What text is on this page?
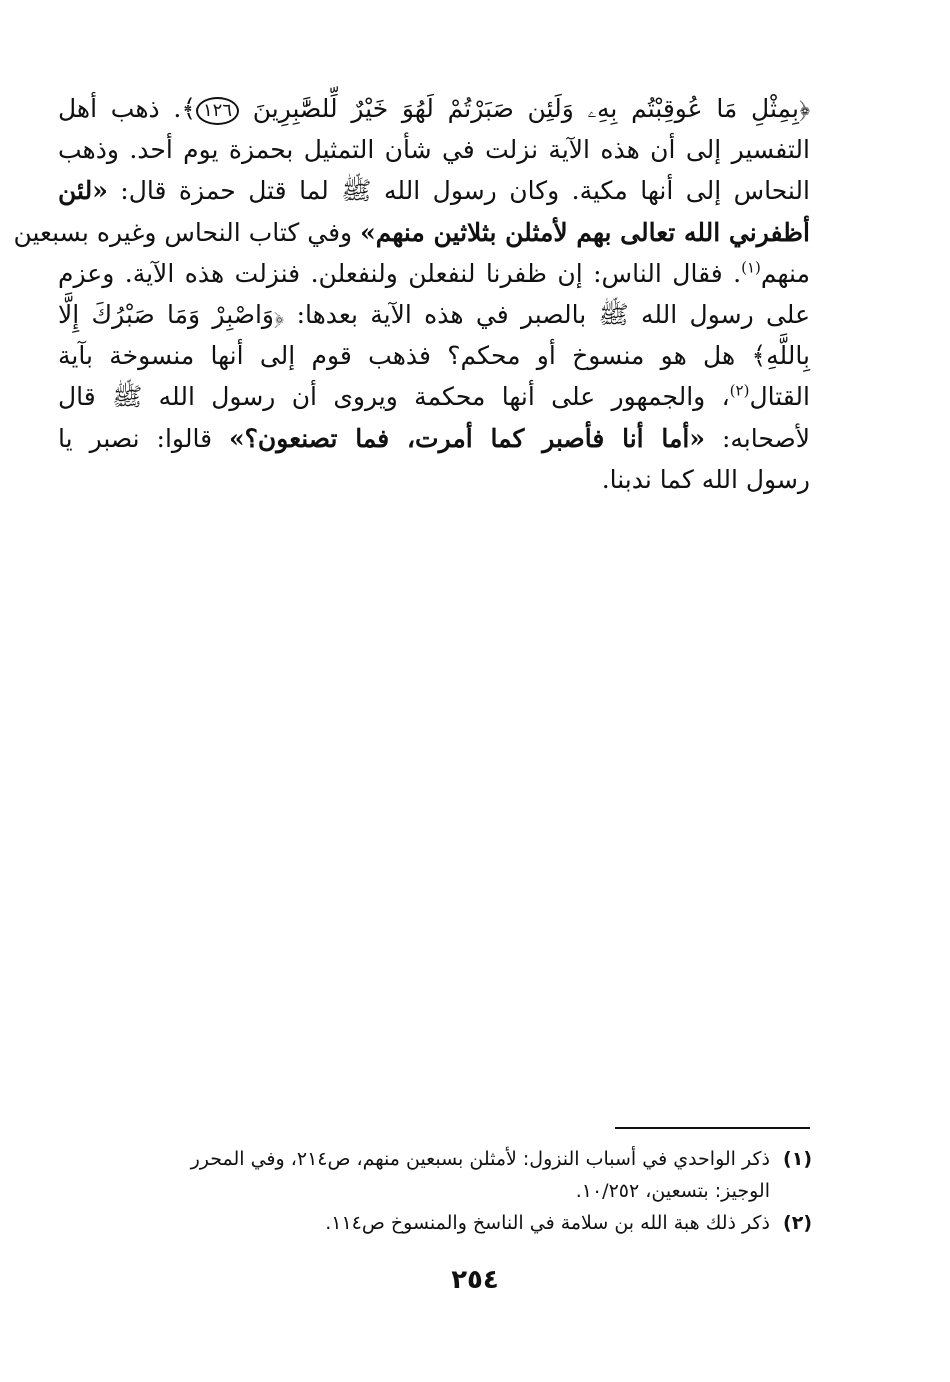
﴿بِمِثْلِ مَا عُوقِبْتُم بِهِۦ وَلَئِن صَبَرْتُمْ لَهُوَ خَيْرٌ لِّلصَّٰبِرِينَ ١٢٦﴾. ذهب أهل
التفسير إلى أن هذه الآية نزلت في شأن التمثيل بحمزة يوم أحد. وذهب
النحاس إلى أنها مكية. وكان رسول الله ﷺ لما قتل حمزة قال: «لئن
أظفرني الله تعالى بهم لأمثلن بثلاثين منهم» وفي كتاب النحاس وغيره بسبعين
منهم$^{(١)}$. فقال الناس: إن ظفرنا لنفعلن ولنفعلن. فنزلت هذه الآية. وعزم
على رسول الله ﷺ بالصبر في هذه الآية بعدها: ﴿وَاصْبِرْ وَمَا صَبْرُكَ إِلَّا
بِاللَّهِ﴾ هل هو منسوخ أو محكم؟ فذهب قوم إلى أنها منسوخة بآية
القتال$^{(٢)}$، والجمهور على أنها محكمة ويروى أن رسول الله ﷺ قال
لأصحابه: «أما أنا فأصبر كما أمرت، فما تصنعون؟» قالوا: نصبر يا
رسول الله كما ندبنا.
(١)ذكر الواحدي في أسباب النزول: لأمثلن بسبعين منهم، ص٢١٤، وفي المحرر
الوجيز: بتسعين، ١٠/٢٥٢.
(٢)ذكر ذلك هبة الله بن سلامة في الناسخ والمنسوخ ص١١٤.
٢٥٤
